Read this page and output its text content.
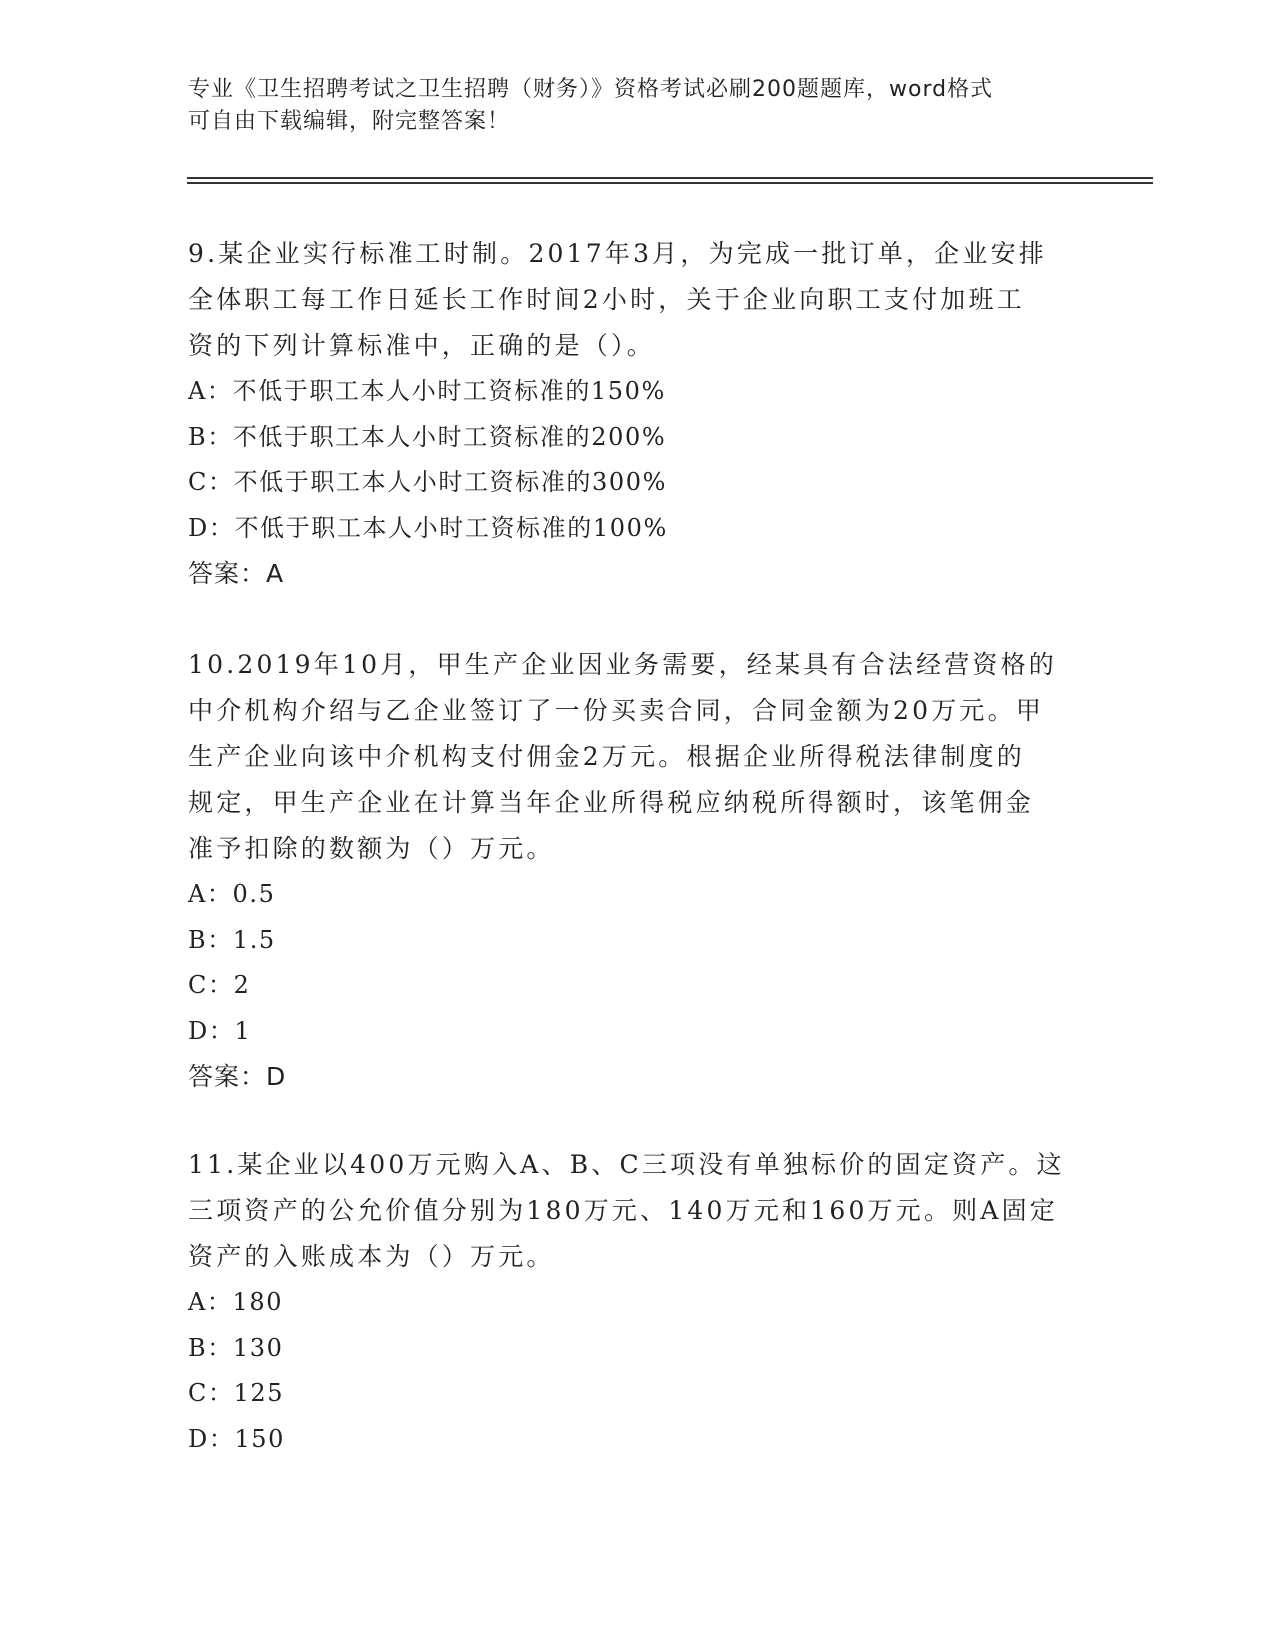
专业《卫生招聘考试之卫生招聘（财务）》资格考试必刷200题题库，word格式
可自由下载编辑，附完整答案！

9.某企业实行标准工时制。2017年3月，为完成一批订单，企业安排

全体职工每工作日延长工作时间2小时，关于企业向职工支付加班工

资的下列计算标准中，正确的是（）。

A：不低于职工本人小时工资标准的150%

B：不低于职工本人小时工资标准的200%

C：不低于职工本人小时工资标准的300%

D：不低于职工本人小时工资标准的100%

答案：A

10.2019年10月，甲生产企业因业务需要，经某具有合法经营资格的

中介机构介绍与乙企业签订了一份买卖合同，合同金额为20万元。甲

生产企业向该中介机构支付佣金2万元。根据企业所得税法律制度的

规定，甲生产企业在计算当年企业所得税应纳税所得额时，该笔佣金

准予扣除的数额为（）万元。

A：0.5

B：1.5

C：2

D：1

答案：D

11.某企业以400万元购入A、B、C三项没有单独标价的固定资产。这

三项资产的公允价值分别为180万元、140万元和160万元。则A固定

资产的入账成本为（）万元。

A：180

B：130

C：125

D：150
